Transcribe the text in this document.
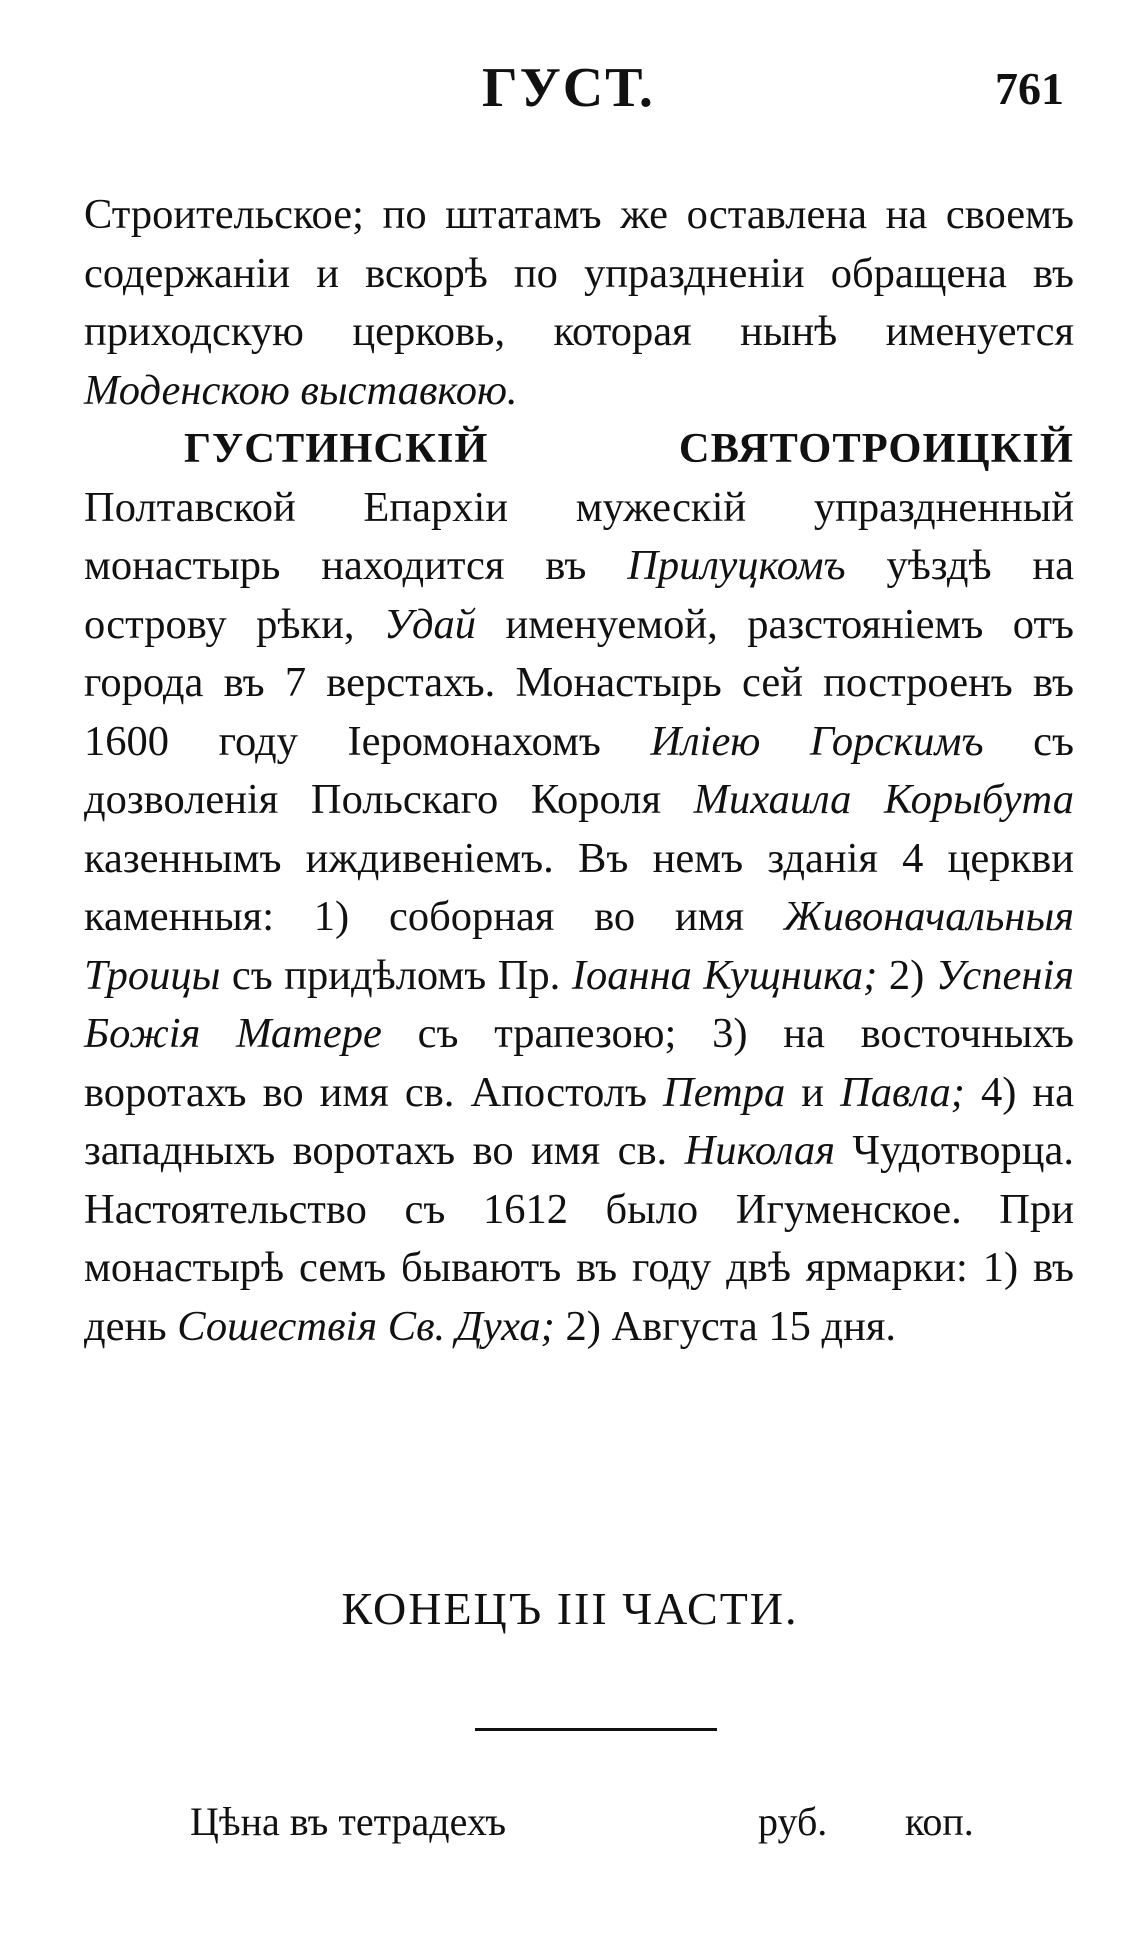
ГУСТ.	761

Строительское; по штатамъ же оставлена на своемъ содержанiи и вскорѣ по упраздненiи обращена въ приходскую церковь, которая нынѣ именуется Моденскою выставкою.

ГУСТИНСКIЙ СВЯТОТРОИЦКIЙ Полтавской Епархiи мужескiй упраздненный монастырь находится въ Прилуцкомъ уѣздѣ на острову рѣки, Удай именуемой, разстоянiемъ отъ города въ 7 верстахъ. Монастырь сей построенъ въ 1600 году Iеромонахомъ Илiею Горскимъ съ дозволенiя Польскаго Короля Михаила Корыбута казеннымъ иждивенiемъ. Въ немъ зданiя 4 церкви каменныя: 1) соборная во имя Живоначальныя Троицы съ придѣломъ Пр. Iоанна Кущника; 2) Успенiя Божiя Матере съ трапезою; 3) на восточныхъ воротахъ во имя св. Апостолъ Петра и Павла; 4) на западныхъ воротахъ во имя св. Николая Чудотворца. Настоятельство съ 1612 было Игуменское. При монастырѣ семъ бываютъ въ году двѣ ярмарки: 1) въ день Сошествiя Св. Духа; 2) Августа 15 дня.

КОНЕЦЪ III ЧАСТИ.
Цѣна въ тетрадехъ	руб. коп.
